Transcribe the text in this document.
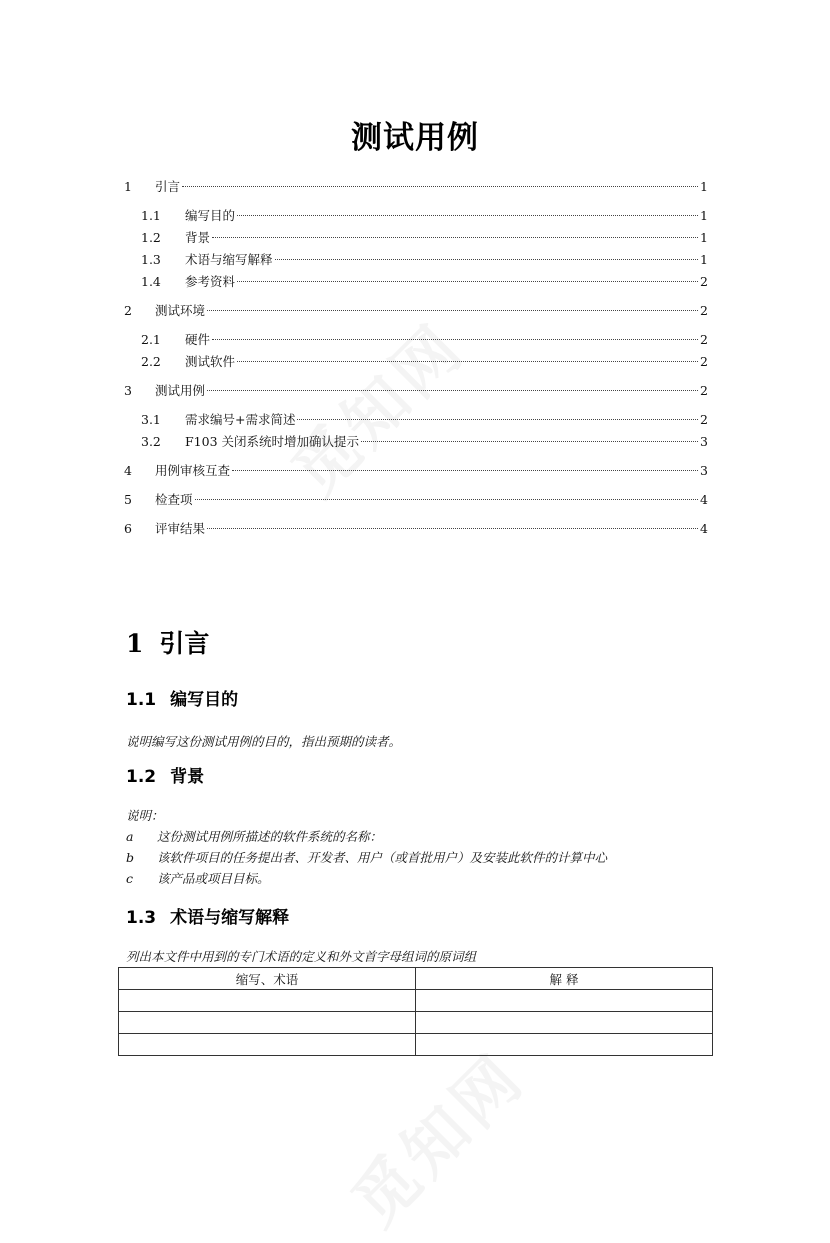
测试用例
1	引言	1
1.1	编写目的	1
1.2	背景	1
1.3	术语与缩写解释	1
1.4	参考资料	2
2	测试环境	2
2.1	硬件	2
2.2	测试软件	2
3	测试用例	2
3.1	需求编号+需求简述	2
3.2	F103 关闭系统时增加确认提示	3
4	用例审核互查	3
5	检查项	4
6	评审结果	4
1 引言
1.1 编写目的
说明编写这份测试用例的目的，指出预期的读者。
1.2 背景
说明：
a	这份测试用例所描述的软件系统的名称：
b	该软件项目的任务提出者、开发者、用户（或首批用户）及安装此软件的计算中心
c	该产品或项目目标。
1.3 术语与缩写解释
列出本文件中用到的专门术语的定义和外文首字母组词的原词组
缩写、术语	解 释
